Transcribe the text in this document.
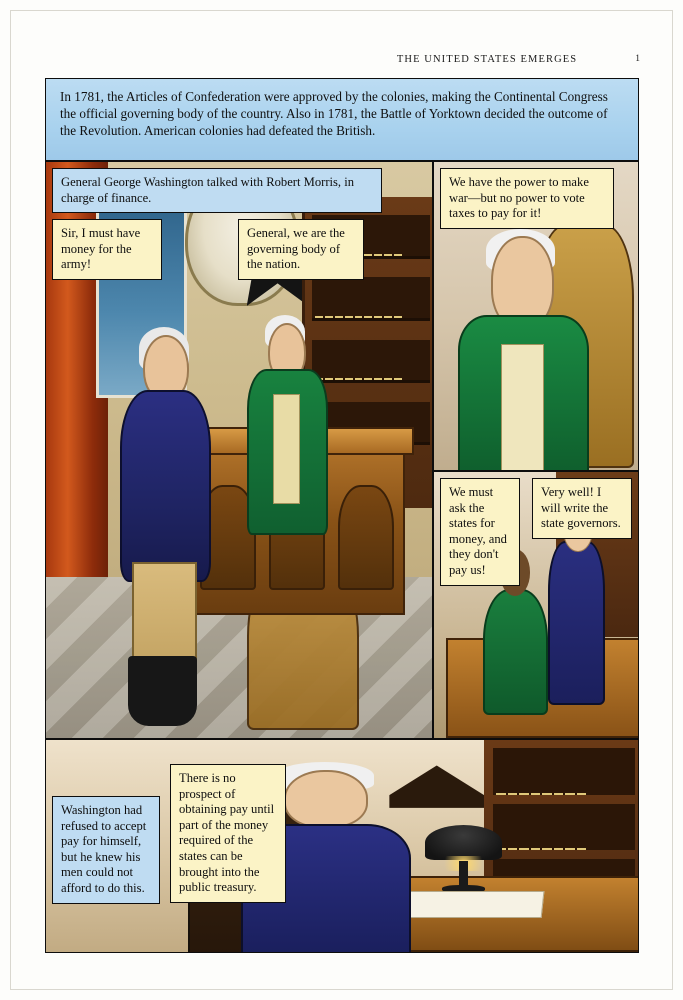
THE UNITED STATES EMERGES	1
In 1781, the Articles of Confederation were approved by the colonies, making the Continental Congress the official governing body of the country. Also in 1781, the Battle of Yorktown decided the outcome of the Revolution. American colonies had defeated the British.
General George Washington talked with Robert Morris, in charge of finance.
Sir, I must have money for the army!
General, we are the governing body of the nation.
We have the power to make war—but no power to vote taxes to pay for it!
We must ask the states for money, and they don't pay us!
Very well! I will write the state governors.
Washington had refused to accept pay for himself, but he knew his men could not afford to do this.
There is no prospect of obtaining pay until part of the money required of the states can be brought into the public treasury.
